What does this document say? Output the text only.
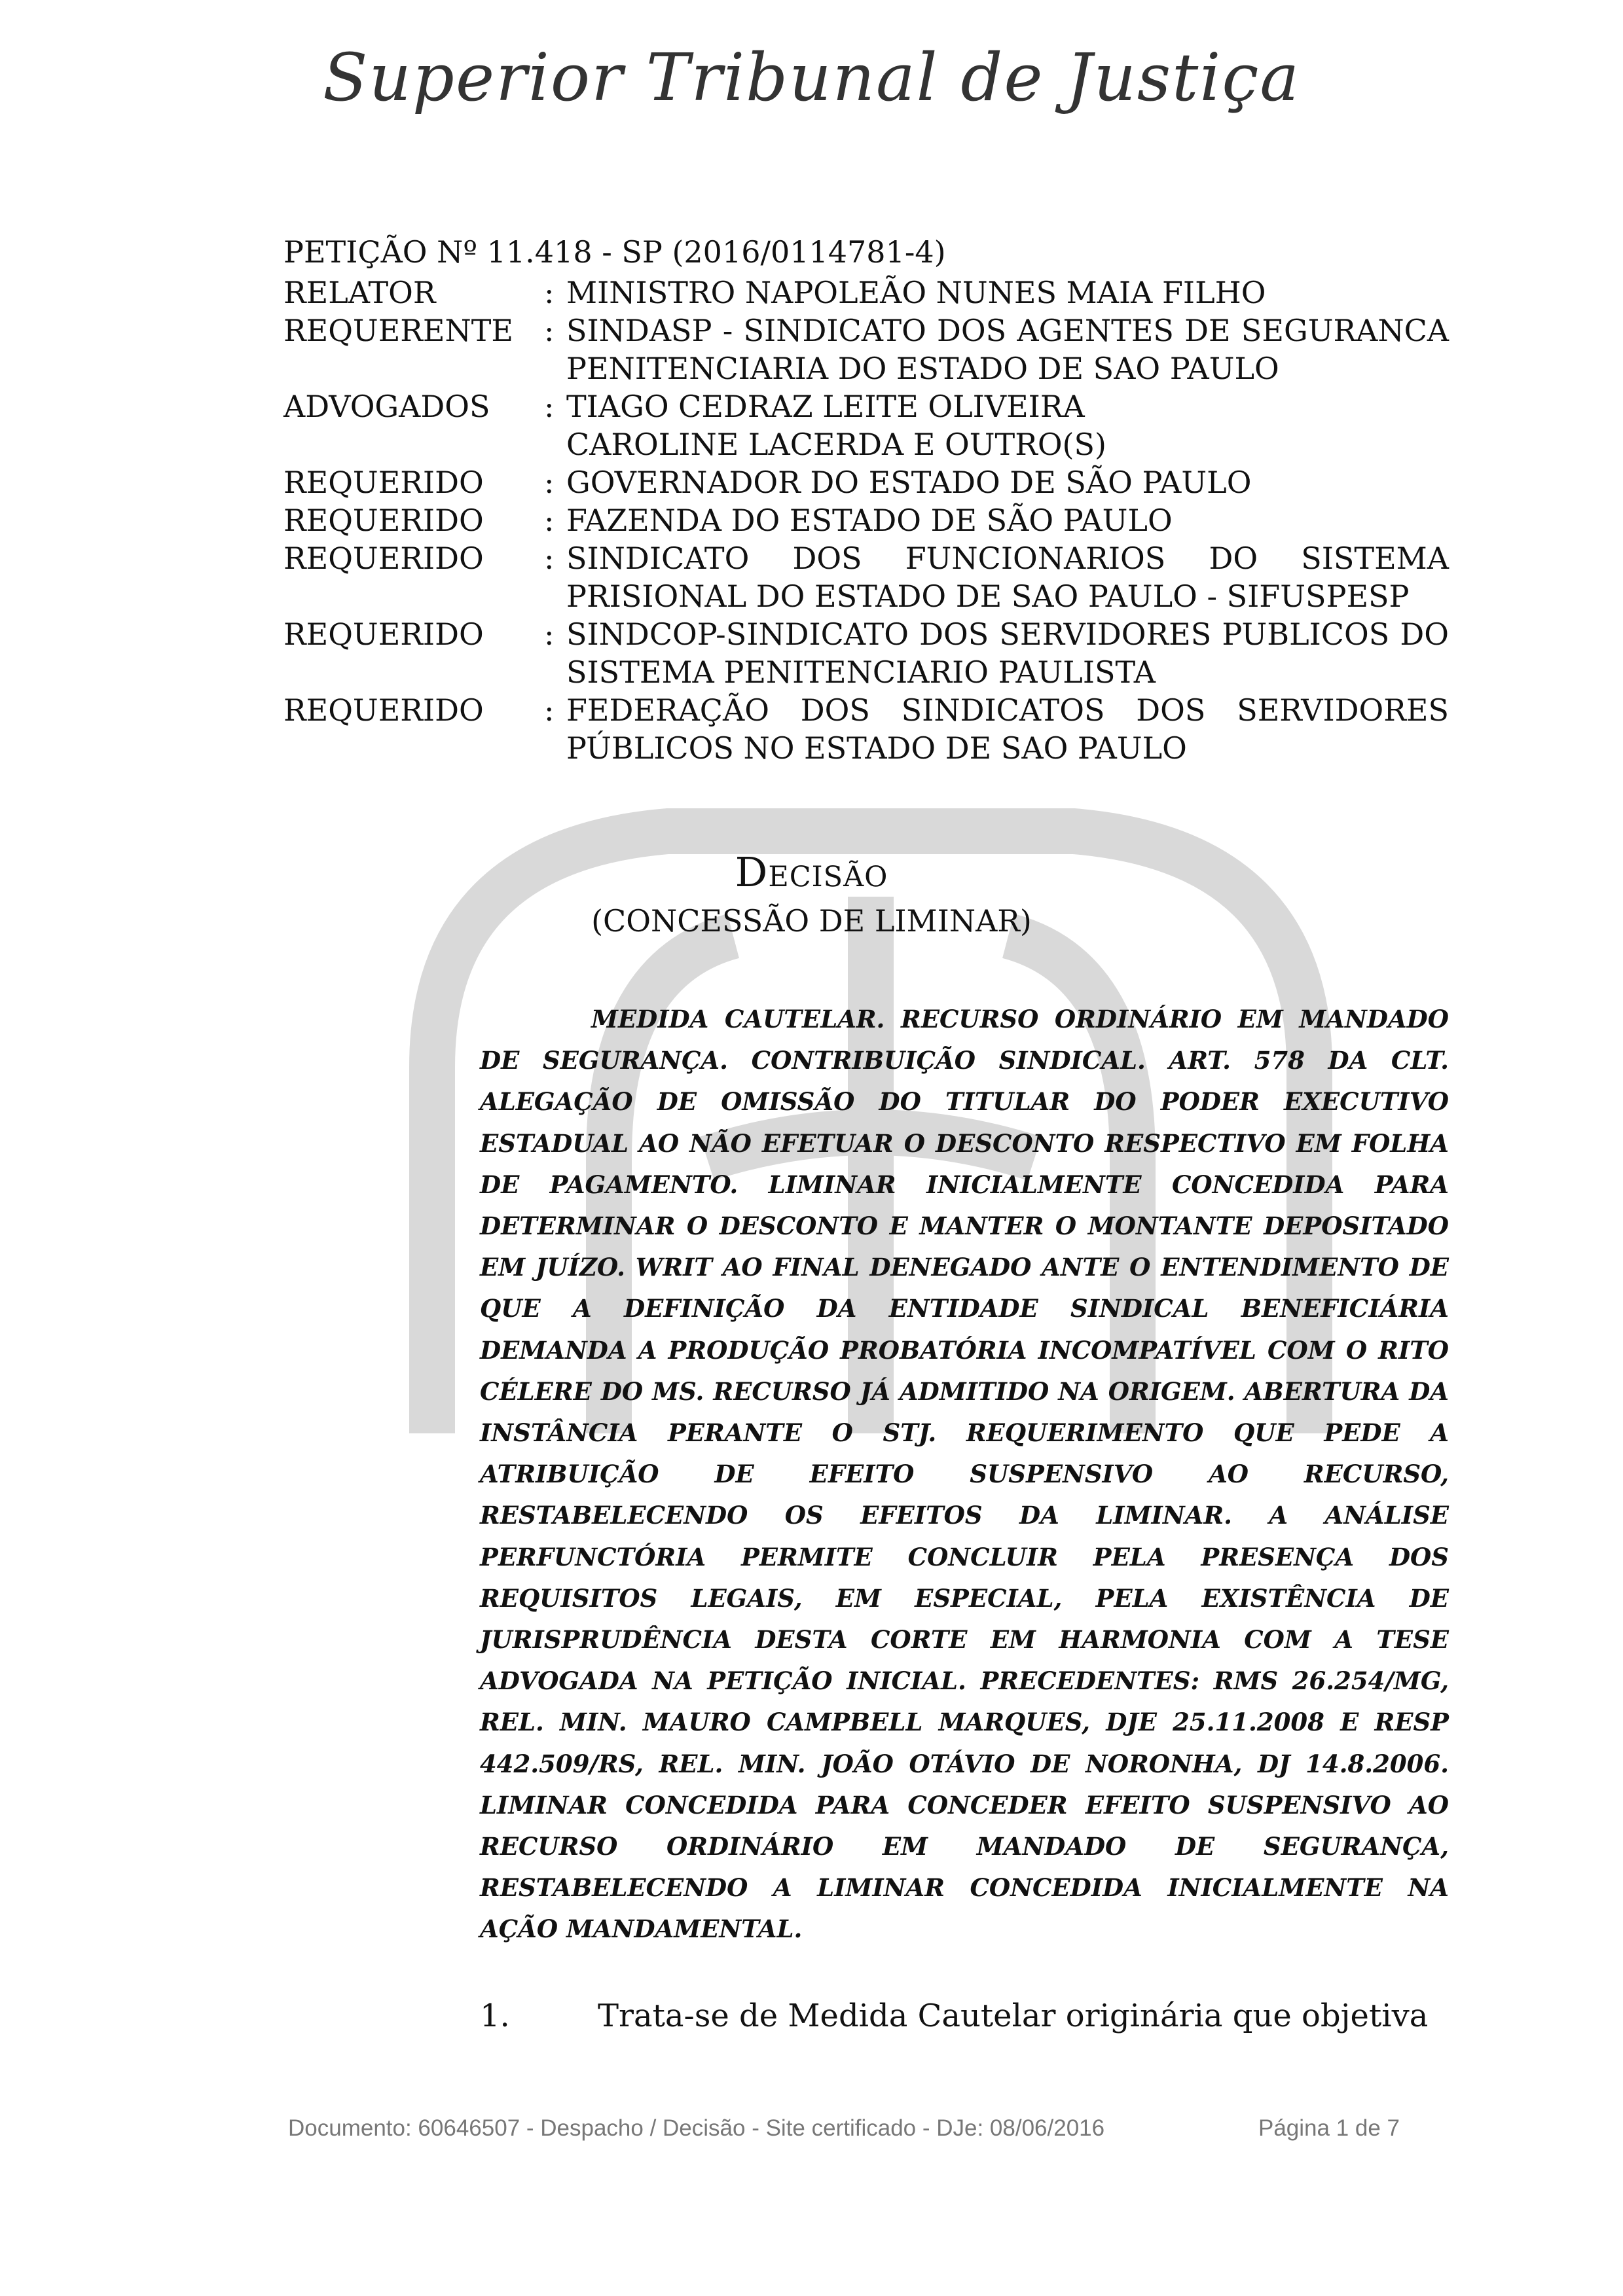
Superior Tribunal de Justiça
PETIÇÃO Nº 11.418 - SP (2016/0114781-4)
RELATOR	: MINISTRO NAPOLEÃO NUNES MAIA FILHO
REQUERENTE	: SINDASP - SINDICATO DOS AGENTES DE SEGURANCA PENITENCIARIA DO ESTADO DE SAO PAULO
ADVOGADOS	: TIAGO CEDRAZ LEITE OLIVEIRA
CAROLINE LACERDA E OUTRO(S)
REQUERIDO	: GOVERNADOR DO ESTADO DE SÃO PAULO
REQUERIDO	: FAZENDA DO ESTADO DE SÃO PAULO
REQUERIDO	: SINDICATO DOS FUNCIONARIOS DO SISTEMA PRISIONAL DO ESTADO DE SAO PAULO - SIFUSPESP
REQUERIDO	: SINDCOP-SINDICATO DOS SERVIDORES PUBLICOS DO SISTEMA PENITENCIARIO PAULISTA
REQUERIDO	: FEDERAÇÃO DOS SINDICATOS DOS SERVIDORES PÚBLICOS NO ESTADO DE SAO PAULO
Decisão
(CONCESSÃO DE LIMINAR)
MEDIDA CAUTELAR. RECURSO ORDINÁRIO EM MANDADO DE SEGURANÇA. CONTRIBUIÇÃO SINDICAL. ART. 578 DA CLT. ALEGAÇÃO DE OMISSÃO DO TITULAR DO PODER EXECUTIVO ESTADUAL AO NÃO EFETUAR O DESCONTO RESPECTIVO EM FOLHA DE PAGAMENTO. LIMINAR INICIALMENTE CONCEDIDA PARA DETERMINAR O DESCONTO E MANTER O MONTANTE DEPOSITADO EM JUÍZO. WRIT AO FINAL DENEGADO ANTE O ENTENDIMENTO DE QUE A DEFINIÇÃO DA ENTIDADE SINDICAL BENEFICIÁRIA DEMANDA A PRODUÇÃO PROBATÓRIA INCOMPATÍVEL COM O RITO CÉLERE DO MS. RECURSO JÁ ADMITIDO NA ORIGEM. ABERTURA DA INSTÂNCIA PERANTE O STJ. REQUERIMENTO QUE PEDE A ATRIBUIÇÃO DE EFEITO SUSPENSIVO AO RECURSO, RESTABELECENDO OS EFEITOS DA LIMINAR. A ANÁLISE PERFUNCTÓRIA PERMITE CONCLUIR PELA PRESENÇA DOS REQUISITOS LEGAIS, EM ESPECIAL, PELA EXISTÊNCIA DE JURISPRUDÊNCIA DESTA CORTE EM HARMONIA COM A TESE ADVOGADA NA PETIÇÃO INICIAL. PRECEDENTES: RMS 26.254/MG, REL. MIN. MAURO CAMPBELL MARQUES, DJE 25.11.2008 E RESP 442.509/RS, REL. MIN. JOÃO OTÁVIO DE NORONHA, DJ 14.8.2006. LIMINAR CONCEDIDA PARA CONCEDER EFEITO SUSPENSIVO AO RECURSO ORDINÁRIO EM MANDADO DE SEGURANÇA, RESTABELECENDO A LIMINAR CONCEDIDA INICIALMENTE NA AÇÃO MANDAMENTAL.
1.	Trata-se de Medida Cautelar originária que objetiva
Documento: 60646507 - Despacho / Decisão - Site certificado - DJe: 08/06/2016	Página 1 de 7
